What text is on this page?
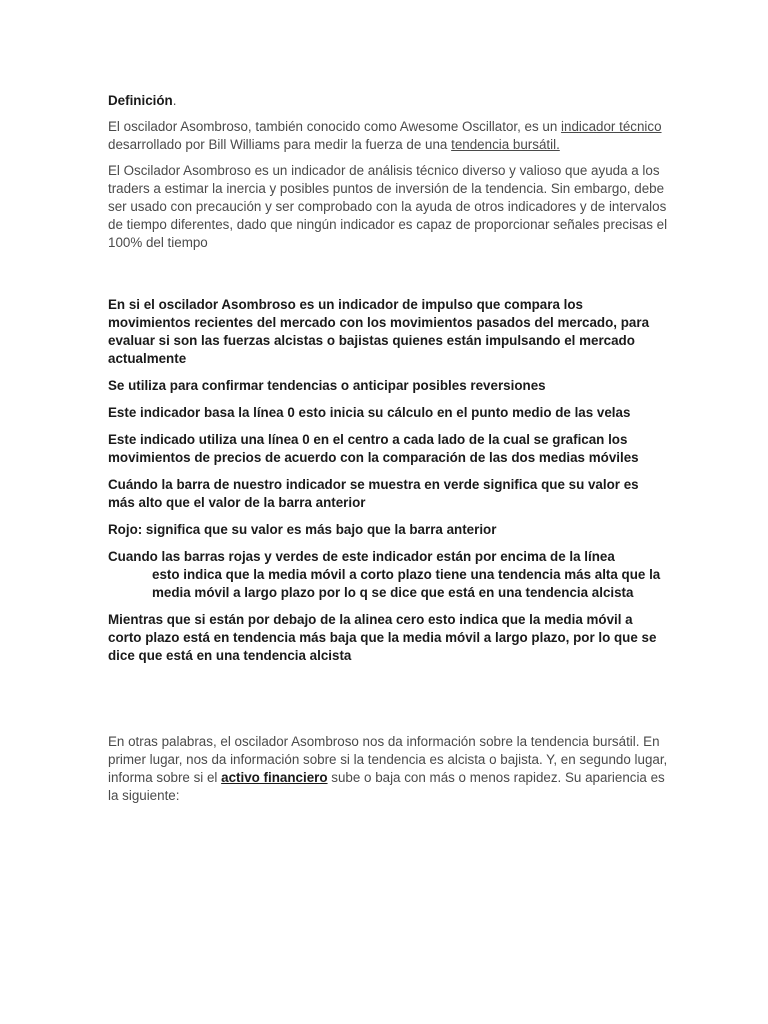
Definición.

El oscilador Asombroso, también conocido como Awesome Oscillator, es un indicador técnico desarrollado por Bill Williams para medir la fuerza de una tendencia bursátil.

El Oscilador Asombroso es un indicador de análisis técnico diverso y valioso que ayuda a los traders a estimar la inercia y posibles puntos de inversión de la tendencia. Sin embargo, debe ser usado con precaución y ser comprobado con la ayuda de otros indicadores y de intervalos de tiempo diferentes, dado que ningún indicador es capaz de proporcionar señales precisas el 100% del tiempo

En si el oscilador Asombroso es un indicador de impulso que compara los movimientos recientes del mercado con los movimientos pasados del mercado, para evaluar si son las fuerzas alcistas o bajistas quienes están impulsando el mercado actualmente

Se utiliza para confirmar tendencias o anticipar posibles reversiones

Este indicador basa la línea 0 esto inicia su cálculo en el punto medio de las velas

Este indicado utiliza una línea 0 en el centro a cada lado de la cual se grafican los movimientos de precios de acuerdo con la comparación de las dos medias móviles

Cuándo la barra de nuestro indicador se muestra en verde significa que su valor es más alto que el valor de la barra anterior

Rojo: significa que su valor es más bajo que la barra anterior

Cuando las barras rojas y verdes de este indicador están por encima de la línea

esto indica que la media móvil a corto plazo tiene una tendencia más alta que la media móvil a largo plazo por lo q se dice que está en una tendencia alcista

Mientras que si están por debajo de la alinea cero esto indica que la media móvil a corto plazo está en tendencia más baja que la media móvil a largo plazo, por lo que se dice que está en una tendencia alcista

En otras palabras, el oscilador Asombroso nos da información sobre la tendencia bursátil. En primer lugar, nos da información sobre si la tendencia es alcista o bajista. Y, en segundo lugar, informa sobre si el activo financiero sube o baja con más o menos rapidez. Su apariencia es la siguiente:
